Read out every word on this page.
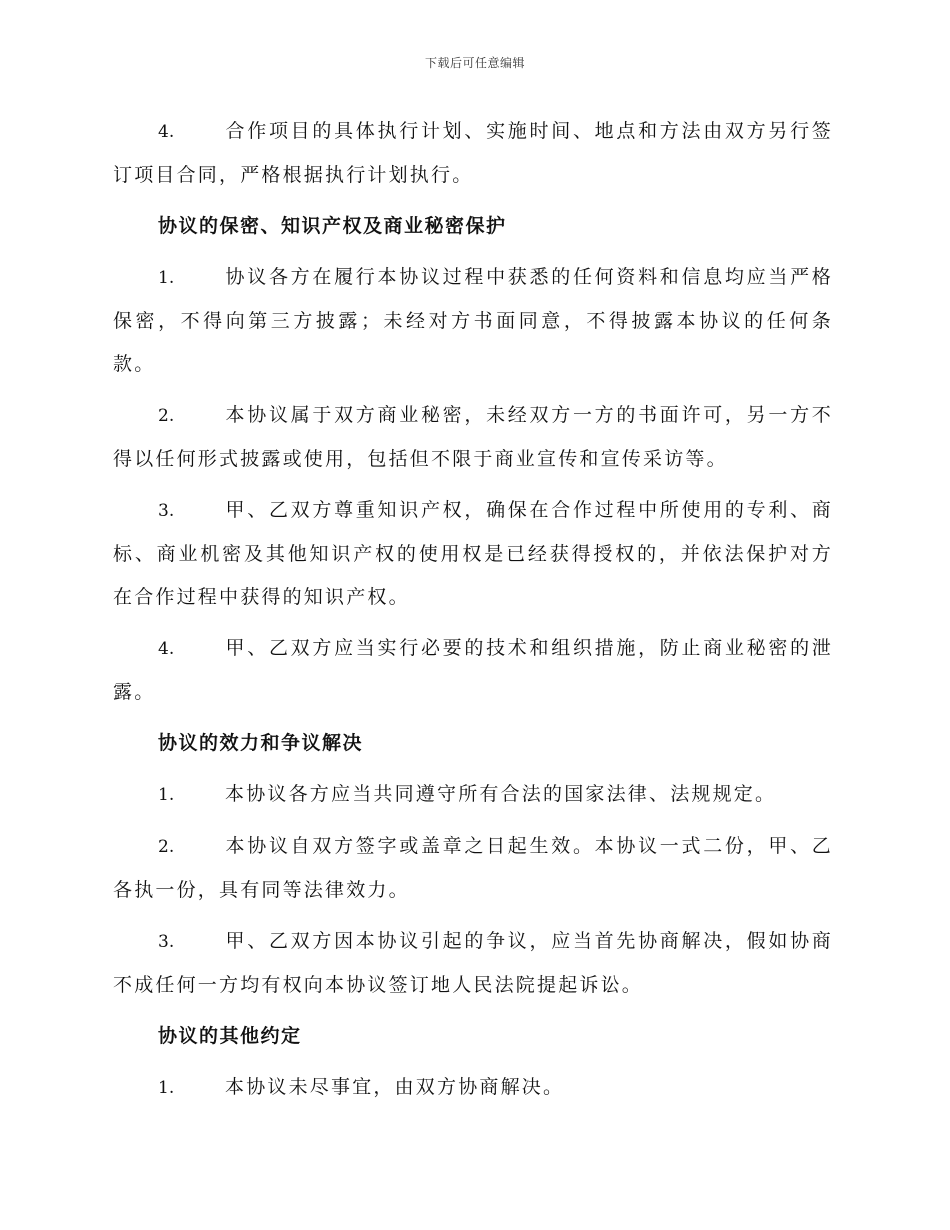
下载后可任意编辑

4.	合作项目的具体执行计划、实施时间、地点和方法由双方另行签订项目合同，严格根据执行计划执行。

协议的保密、知识产权及商业秘密保护

1.	协议各方在履行本协议过程中获悉的任何资料和信息均应当严格保密，不得向第三方披露；未经对方书面同意，不得披露本协议的任何条款。

2.	本协议属于双方商业秘密，未经双方一方的书面许可，另一方不得以任何形式披露或使用，包括但不限于商业宣传和宣传采访等。

3.	甲、乙双方尊重知识产权，确保在合作过程中所使用的专利、商标、商业机密及其他知识产权的使用权是已经获得授权的，并依法保护对方在合作过程中获得的知识产权。

4.	甲、乙双方应当实行必要的技术和组织措施，防止商业秘密的泄露。

协议的效力和争议解决

1.	本协议各方应当共同遵守所有合法的国家法律、法规规定。

2.	本协议自双方签字或盖章之日起生效。本协议一式二份，甲、乙各执一份，具有同等法律效力。

3.	甲、乙双方因本协议引起的争议，应当首先协商解决，假如协商不成任何一方均有权向本协议签订地人民法院提起诉讼。

协议的其他约定

1.	本协议未尽事宜，由双方协商解决。
